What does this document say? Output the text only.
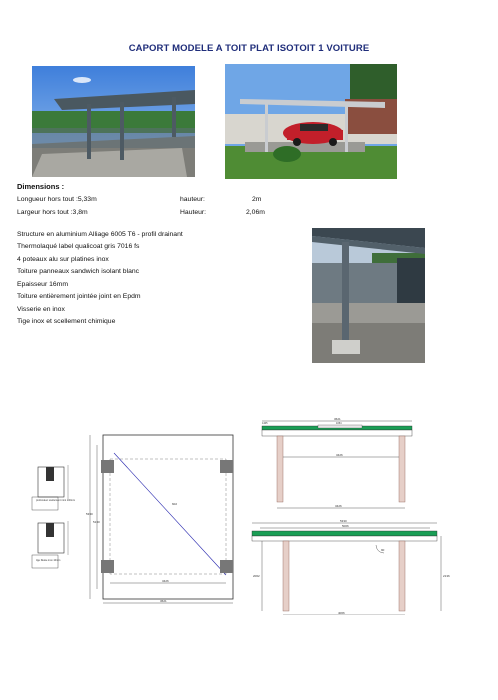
CAPORT MODELE A TOIT PLAT ISOTOIT 1 VOITURE
Dimensions :
Longueur hors tout :5,33m	hauteur:	2m
Largeur hors tout :3,8m	Hauteur:	2,06m
Structure en aluminium Alliage 6005 T6 - profil drainant
Thermolaqué label qualicoat gris 7016 fs
4 poteaux alu sur platines inox
Toiture panneaux sandwich isolant blanc
Epaisseur 16mm
Toiture entièrement jointée joint en Epdm
Visserie en inox
Tige inox et scellement chimique
profondeur scellement mini 100mm
tige filetée inox 10mm
3621
3426
5330
5130
602
3621
3426
3426
1054
1405
5330
5006
4066
90
2062	2136
